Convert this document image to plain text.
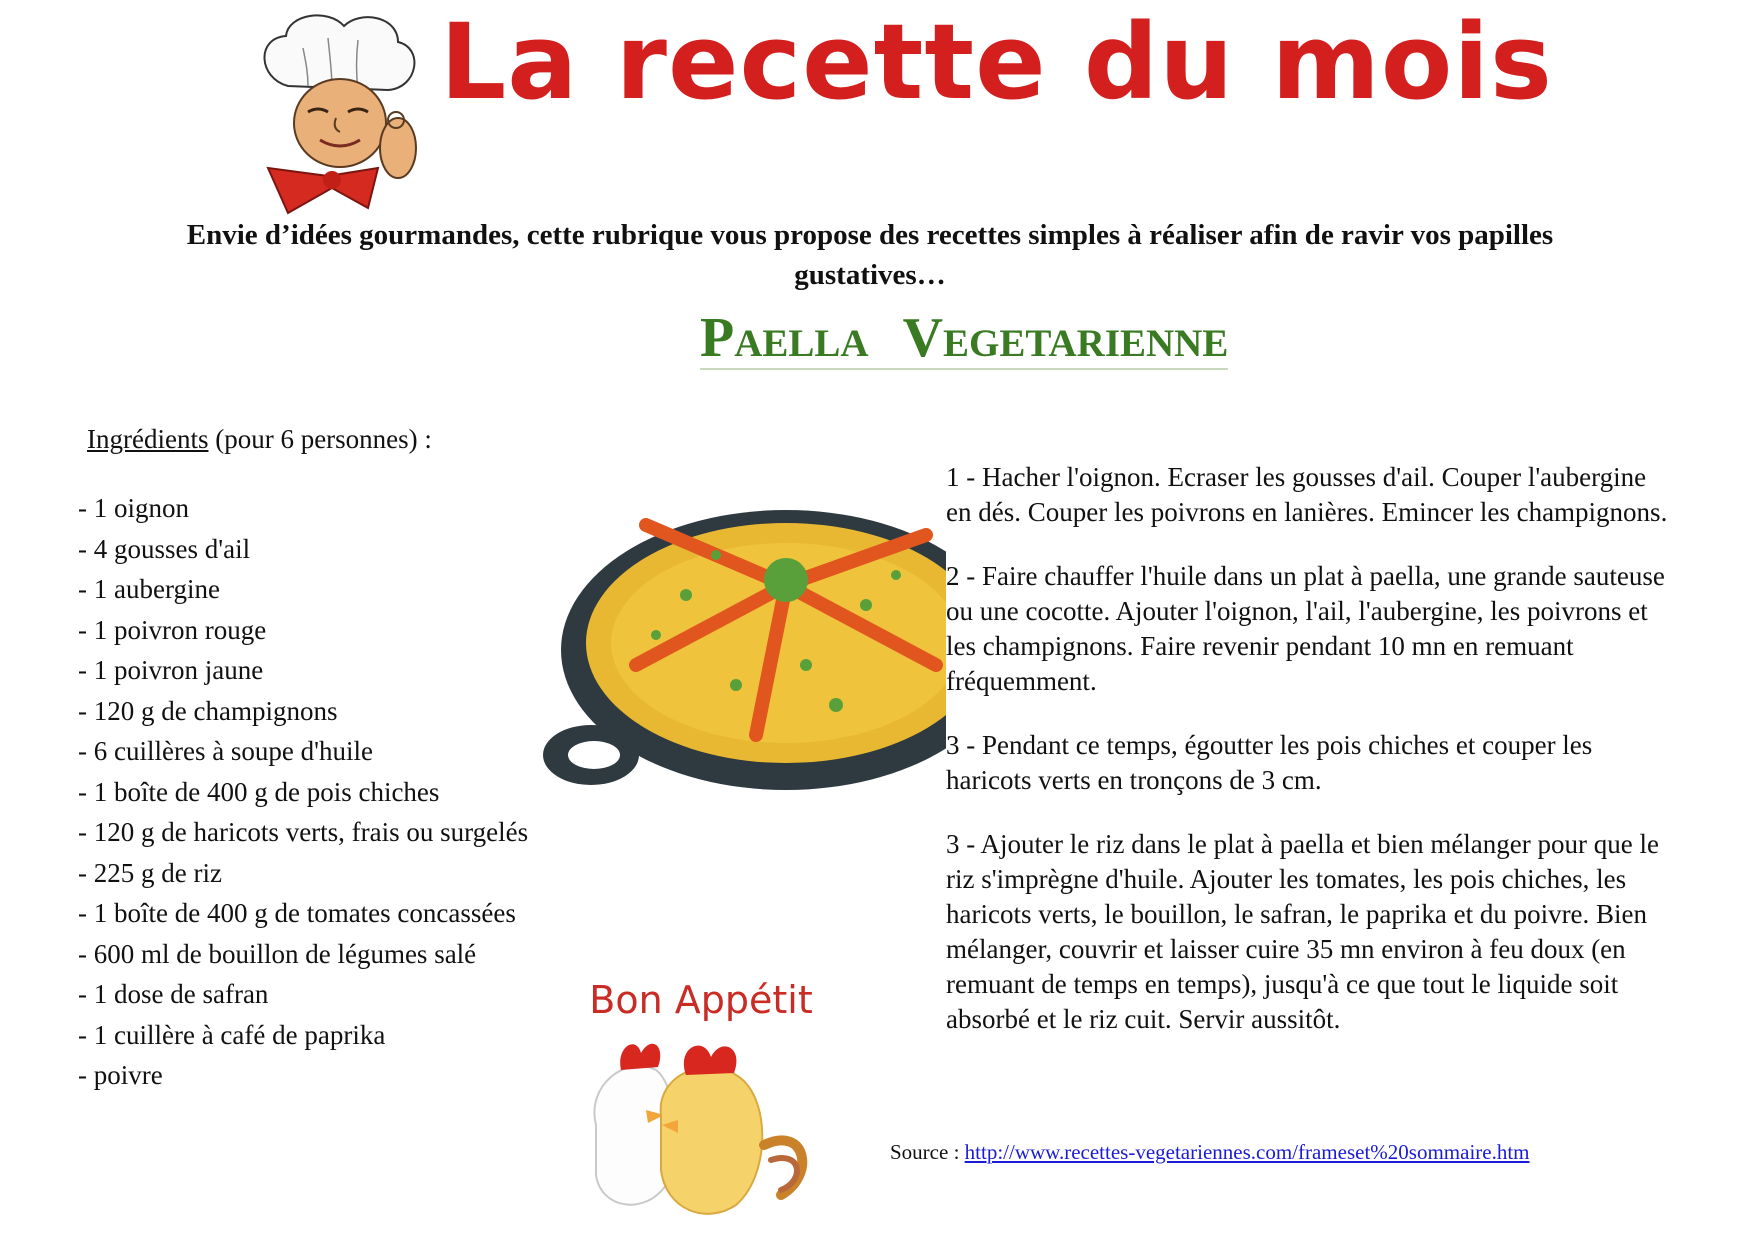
La recette du mois

Envie d’idées gourmandes, cette rubrique vous propose des recettes simples à réaliser afin de ravir vos papilles gustatives…

Paella Vegetarienne

Ingrédients (pour 6 personnes) :

- 1 oignon
- 4 gousses d'ail
- 1 aubergine
- 1 poivron rouge
- 1 poivron jaune
- 120 g de champignons
- 6 cuillères à soupe d'huile
- 1 boîte de 400 g de pois chiches
- 120 g de haricots verts, frais ou surgelés
- 225 g de riz
- 1 boîte de 400 g de tomates concassées
- 600 ml de bouillon de légumes salé
- 1 dose de safran
- 1 cuillère à café de paprika
- poivre

1 - Hacher l'oignon. Ecraser les gousses d'ail. Couper l'aubergine en dés. Couper les poivrons en lanières. Emincer les champignons.

2 - Faire chauffer l'huile dans un plat à paella, une grande sauteuse ou une cocotte. Ajouter l'oignon, l'ail, l'aubergine, les poivrons et les champignons. Faire revenir pendant 10 mn en remuant fréquemment.

3 - Pendant ce temps, égoutter les pois chiches et couper les haricots verts en tronçons de 3 cm.

3 - Ajouter le riz dans le plat à paella et bien mélanger pour que le riz s'imprègne d'huile. Ajouter les tomates, les pois chiches, les haricots verts, le bouillon, le safran, le paprika et du poivre. Bien mélanger, couvrir et laisser cuire 35 mn environ à feu doux (en remuant de temps en temps), jusqu'à ce que tout le liquide soit absorbé et le riz cuit. Servir aussitôt.

Bon Appétit
Source : http://www.recettes-vegetariennes.com/frameset%20sommaire.htm
